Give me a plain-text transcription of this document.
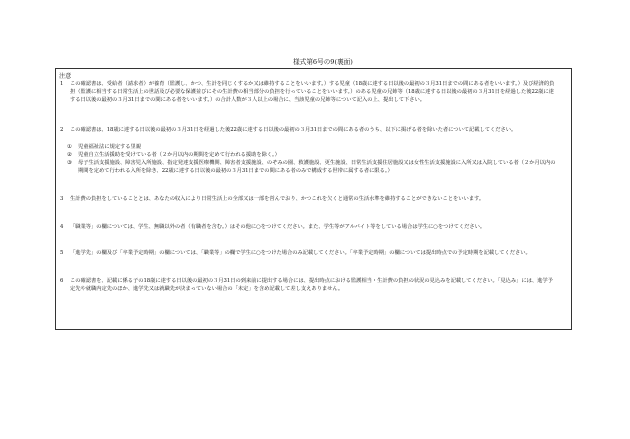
様式第6号の9(裏面)
注意
1	この確認書は、受給者（請求者）が養育（監護し、かつ、生計を同じくするか又は維持することをいいます。）する児童（18歳に達する日以後の最初の３月31日までの間にある者をいいます。）及び経済的負担（監護に相当する日常生活上の世話及び必要な保護並びにその生計費の相当部分の負担を行っていることをいいます。）のある児童の兄姉等（18歳に達する日以後の最初の３月31日を経過した後22歳に達する日以後の最初の３月31日までの間にある者をいいます。）の合計人数が３人以上の場合に、当該児童の兄姉等について記入の上、提出して下さい。
2	この確認書は、18歳に達する日以後の最初の３月31日を経過した後22歳に達する日以後の最初の３月31日までの間にある者のうち、以下に掲げる者を除いた者について記載してください。
①	児童福祉法に規定する里親
②	児童自立生活援助を受けている者（２か月以内の期間を定めて行われる援助を除く。）
③	母子生活支援施設、障害児入所施設、指定発達支援医療機関、障害者支援施設、のぞみの園、救護施設、更生施設、日常生活支援住居施設又は女性生活支援施設に入所又は入院している者（２か月以内の期間を定めて行われる入所を除き、22歳に達する日以後の最初の３月31日までの間にある者のみで構成する世帯に属する者に限る。）
3	生計費の負担をしていることとは、あなたの収入により日常生活上の全部又は一部を営んでおり、かつこれを欠くと通常の生活水準を維持することができないことをいいます。
4	「職業等」の欄については、学生、無職以外の者（有職者を含む。）はその他に○をつけてください。また、学生等がアルバイト等をしている場合は学生に○をつけてください。
5	「進学先」の欄及び「卒業予定時期」の欄については、「職業等」の欄で学生に○をつけた場合のみ記載してください。「卒業予定時期」の欄については提出時点での予定時期を記載してください。
6	この確認書を、記載に係る子の18歳に達する日以後の最初の３月31日の到来前に提出する場合には、提出時点における監護相当・生計費の負担の状況の見込みを記載してください。「見込み」には、進学予定先や就職内定先のほか、進学先又は就職先が決まっていない場合の「未定」を含め記載して差し支えありません。
